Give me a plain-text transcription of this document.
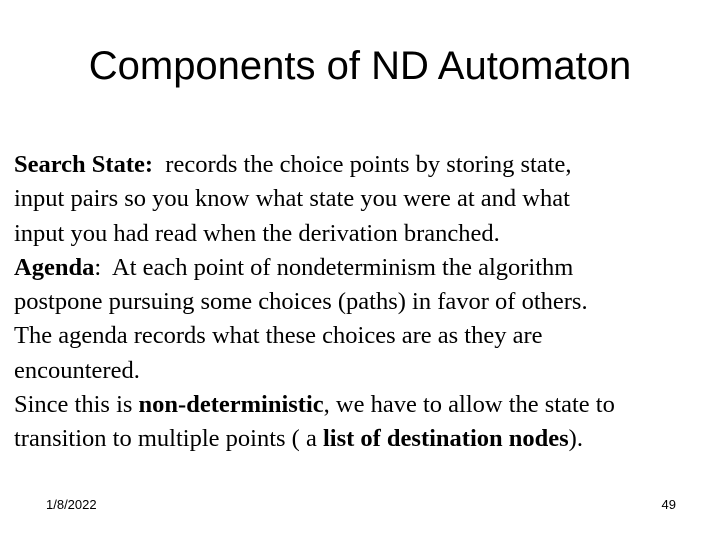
Components of ND Automaton

Search State:  records the choice points by storing state,

input pairs so you know what state you were at and what

input you had read when the derivation branched.

Agenda:  At each point of nondeterminism the algorithm

postpone pursuing some choices (paths) in favor of others.

The agenda records what these choices are as they are

encountered.

Since this is non-deterministic, we have to allow the state to

transition to multiple points ( a list of destination nodes).

1/8/2022	49
